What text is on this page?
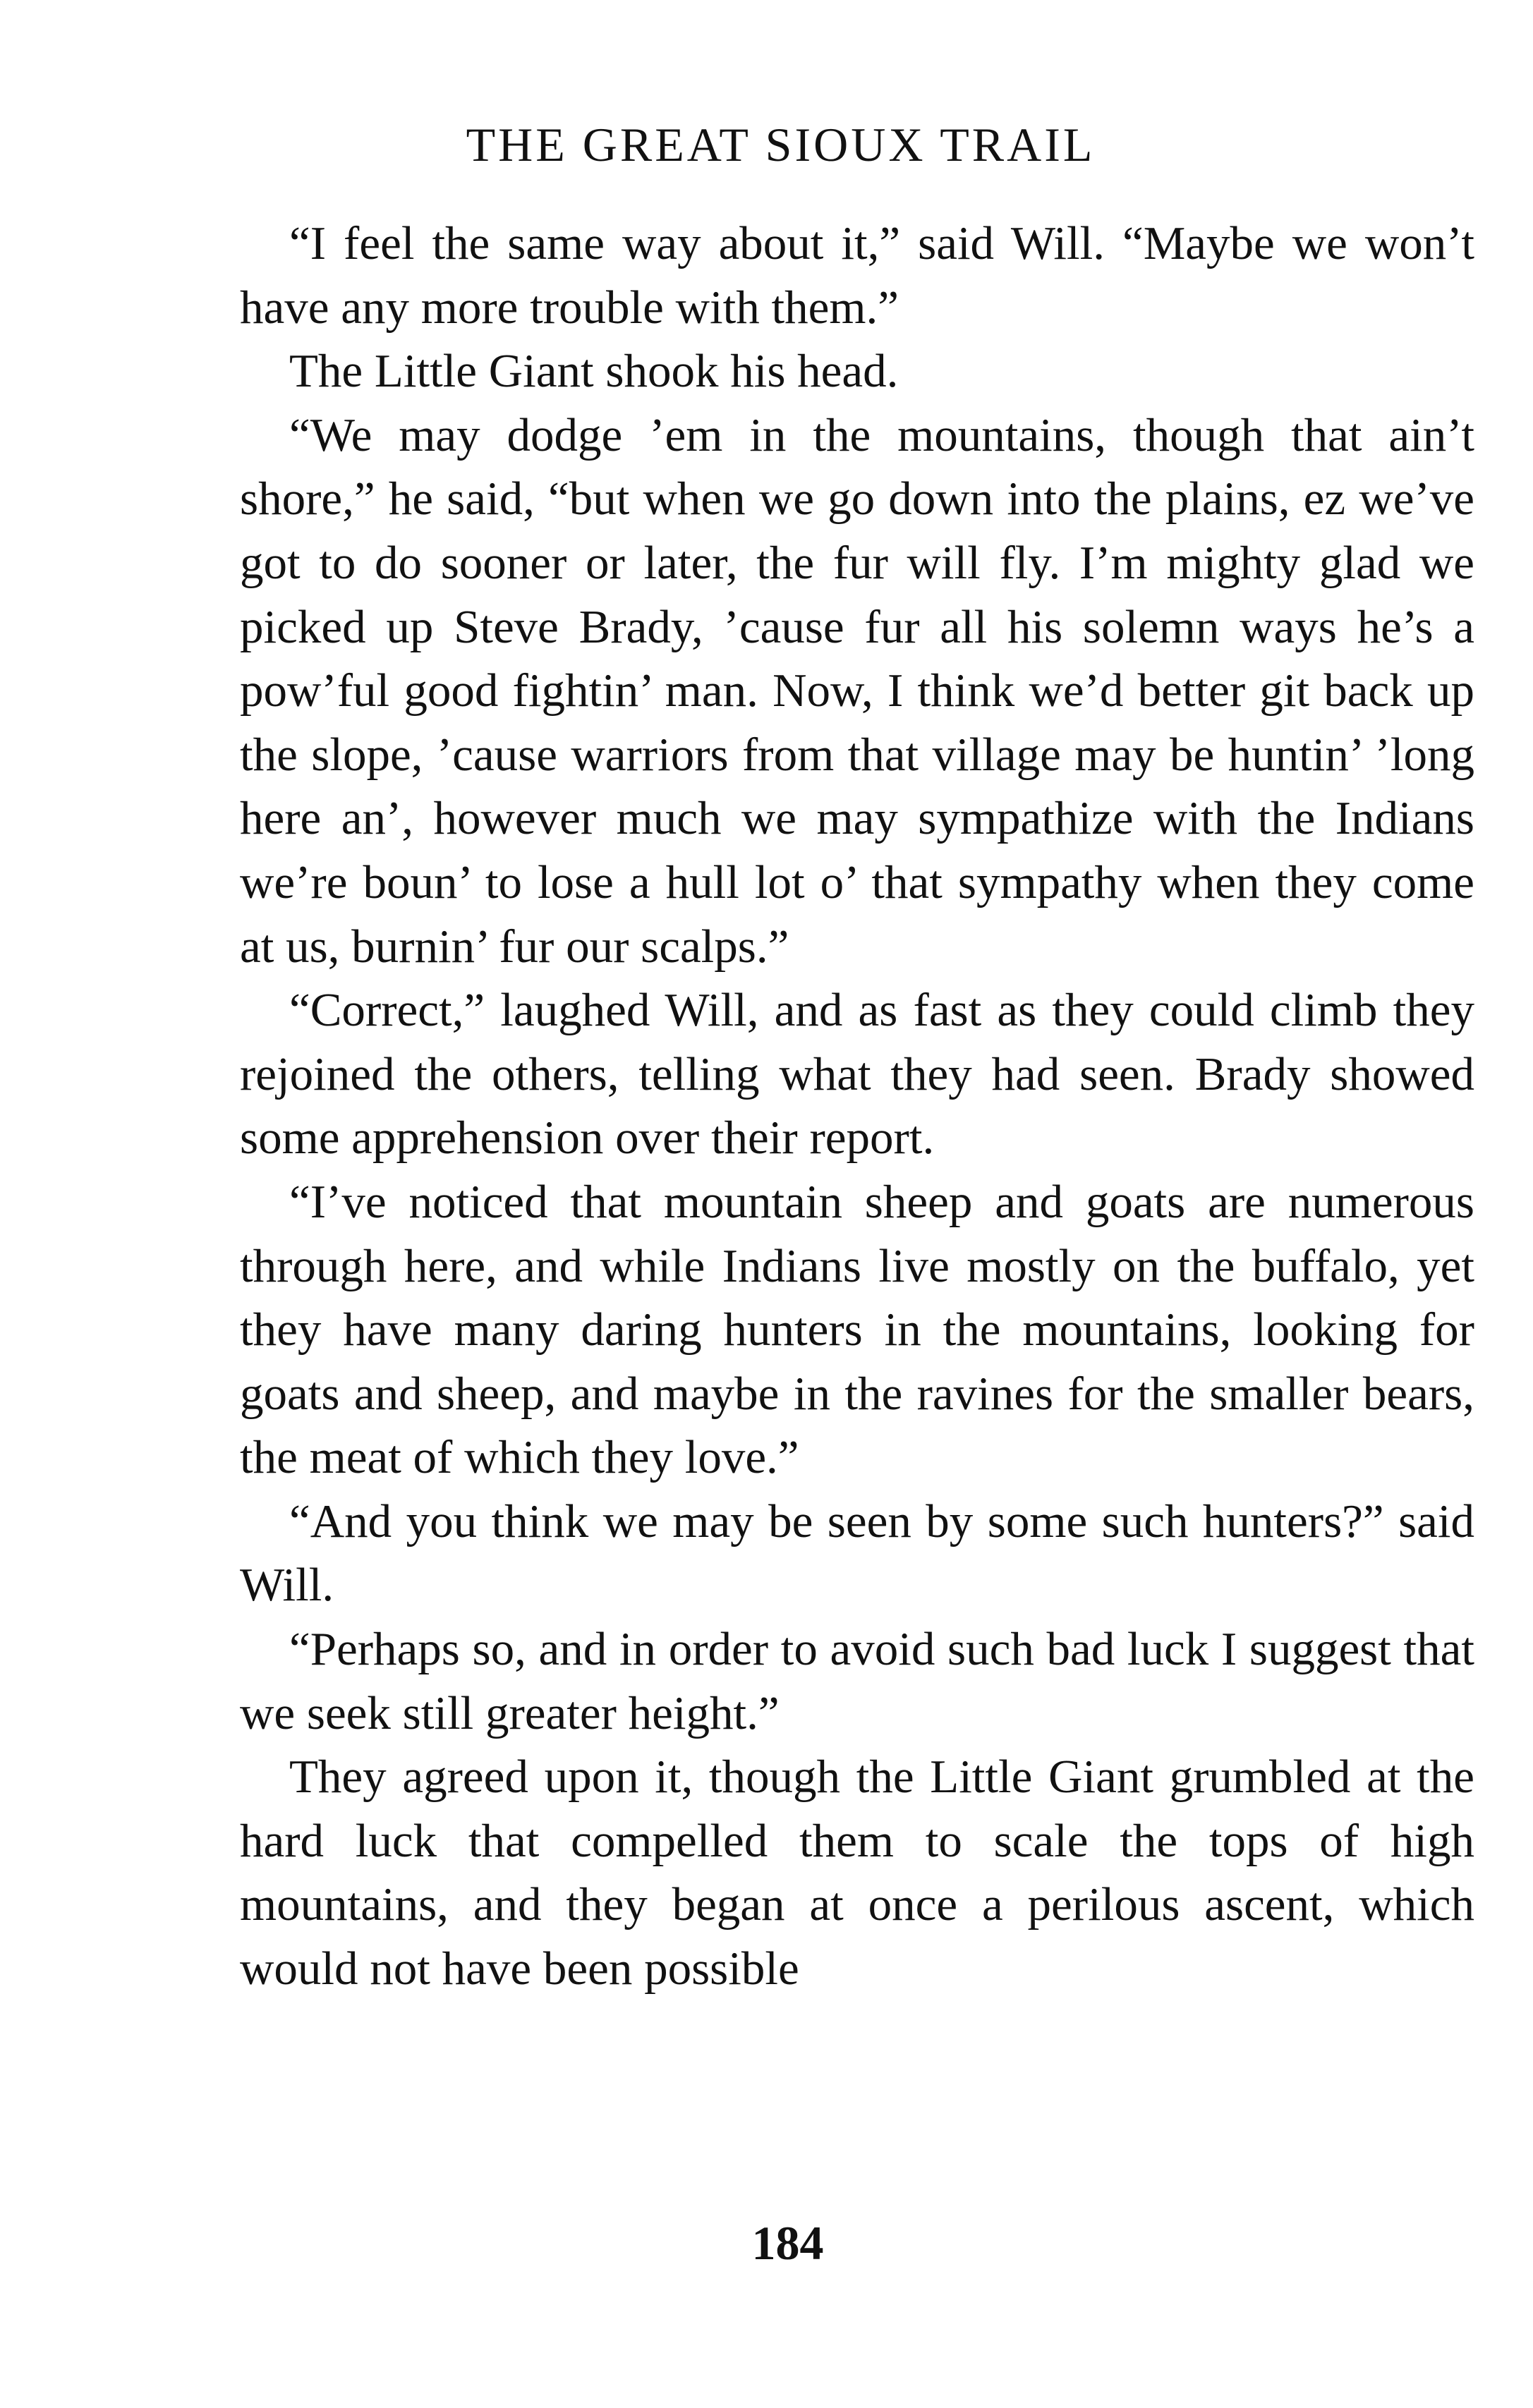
THE GREAT SIOUX TRAIL

“I feel the same way about it,” said Will. “Maybe we won’t have any more trouble with them.”

The Little Giant shook his head.

“We may dodge ’em in the mountains, though that ain’t shore,” he said, “but when we go down into the plains, ez we’ve got to do sooner or later, the fur will fly. I’m mighty glad we picked up Steve Brady, ’cause fur all his solemn ways he’s a pow’ful good fightin’ man. Now, I think we’d better git back up the slope, ’cause warriors from that village may be huntin’ ’long here an’, however much we may sympathize with the Indians we’re boun’ to lose a hull lot o’ that sympathy when they come at us, burnin’ fur our scalps.”

“Correct,” laughed Will, and as fast as they could climb they rejoined the others, telling what they had seen. Brady showed some apprehension over their report.

“I’ve noticed that mountain sheep and goats are numerous through here, and while Indians live mostly on the buffalo, yet they have many daring hunters in the mountains, looking for goats and sheep, and maybe in the ravines for the smaller bears, the meat of which they love.”

“And you think we may be seen by some such hunters?” said Will.

“Perhaps so, and in order to avoid such bad luck I suggest that we seek still greater height.”

They agreed upon it, though the Little Giant grumbled at the hard luck that compelled them to scale the tops of high mountains, and they began at once a perilous ascent, which would not have been possible

184
